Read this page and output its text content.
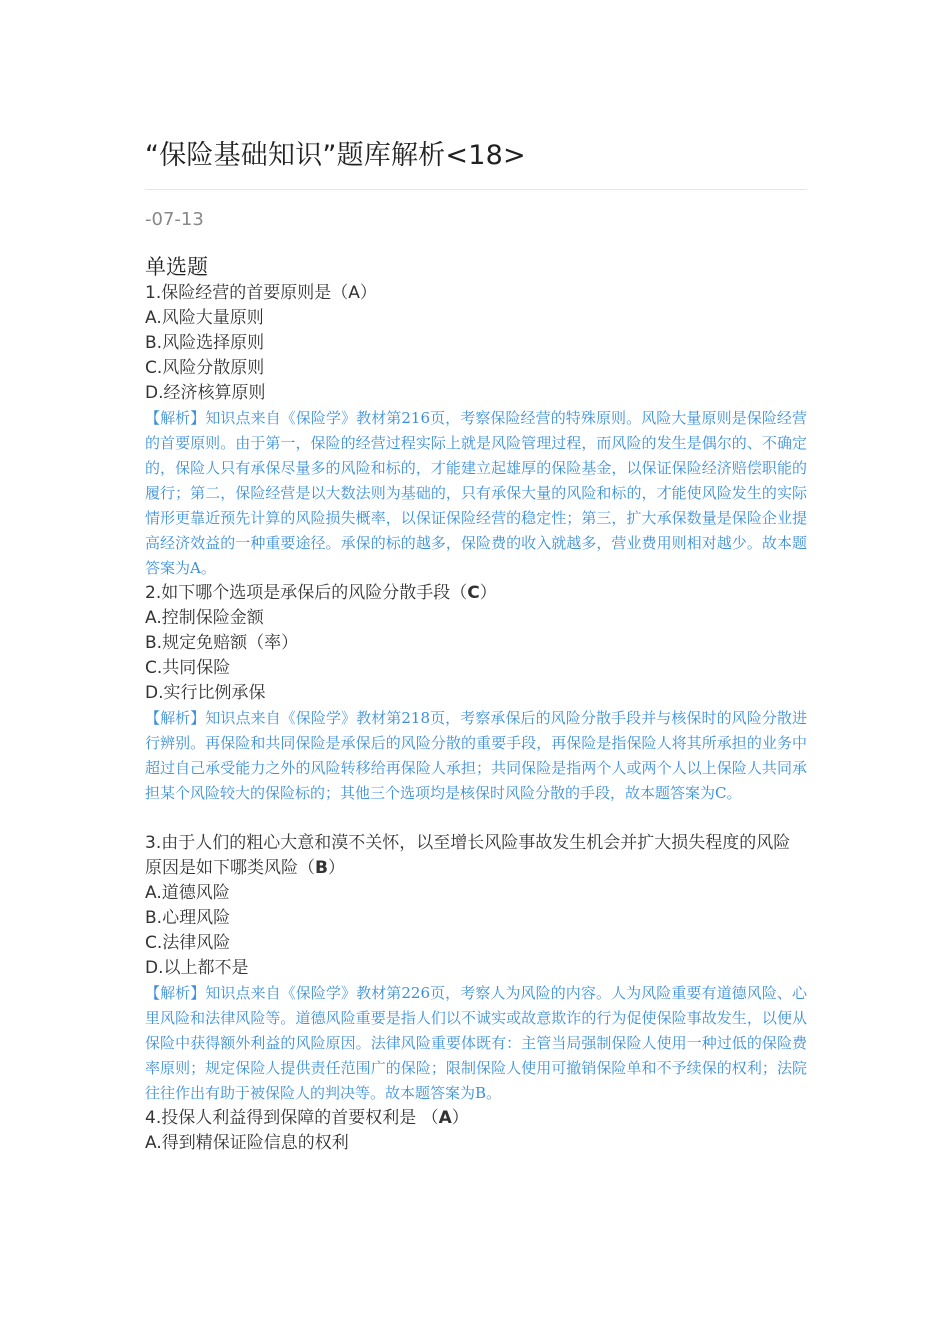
“保险基础知识”题库解析<18>
-07-13
单选题
1.保险经营的首要原则是（A）
A.风险大量原则
B.风险选择原则
C.风险分散原则
D.经济核算原则
【解析】知识点来自《保险学》教材第216页，考察保险经营的特殊原则。风险大量原则是保险经营的首要原则。由于第一，保险的经营过程实际上就是风险管理过程，而风险的发生是偶尔的、不确定的，保险人只有承保尽量多的风险和标的，才能建立起雄厚的保险基金，以保证保险经济赔偿职能的履行；第二，保险经营是以大数法则为基础的，只有承保大量的风险和标的，才能使风险发生的实际情形更靠近预先计算的风险损失概率，以保证保险经营的稳定性；第三，扩大承保数量是保险企业提高经济效益的一种重要途径。承保的标的越多，保险费的收入就越多，营业费用则相对越少。故本题答案为A。
2.如下哪个选项是承保后的风险分散手段（C）
A.控制保险金额
B.规定免赔额（率）
C.共同保险
D.实行比例承保
【解析】知识点来自《保险学》教材第218页，考察承保后的风险分散手段并与核保时的风险分散进行辨别。再保险和共同保险是承保后的风险分散的重要手段，再保险是指保险人将其所承担的业务中超过自己承受能力之外的风险转移给再保险人承担；共同保险是指两个人或两个人以上保险人共同承担某个风险较大的保险标的；其他三个选项均是核保时风险分散的手段，故本题答案为C。
3.由于人们的粗心大意和漠不关怀，以至增长风险事故发生机会并扩大损失程度的风险原因是如下哪类风险（B）
A.道德风险
B.心理风险
C.法律风险
D.以上都不是
【解析】知识点来自《保险学》教材第226页，考察人为风险的内容。人为风险重要有道德风险、心里风险和法律风险等。道德风险重要是指人们以不诚实或故意欺诈的行为促使保险事故发生，以便从保险中获得额外利益的风险原因。法律风险重要体既有：主管当局强制保险人使用一种过低的保险费率原则；规定保险人提供责任范围广的保险；限制保险人使用可撤销保险单和不予续保的权利；法院往往作出有助于被保险人的判决等。故本题答案为B。
4.投保人利益得到保障的首要权利是 （A）
A.得到精保证险信息的权利
